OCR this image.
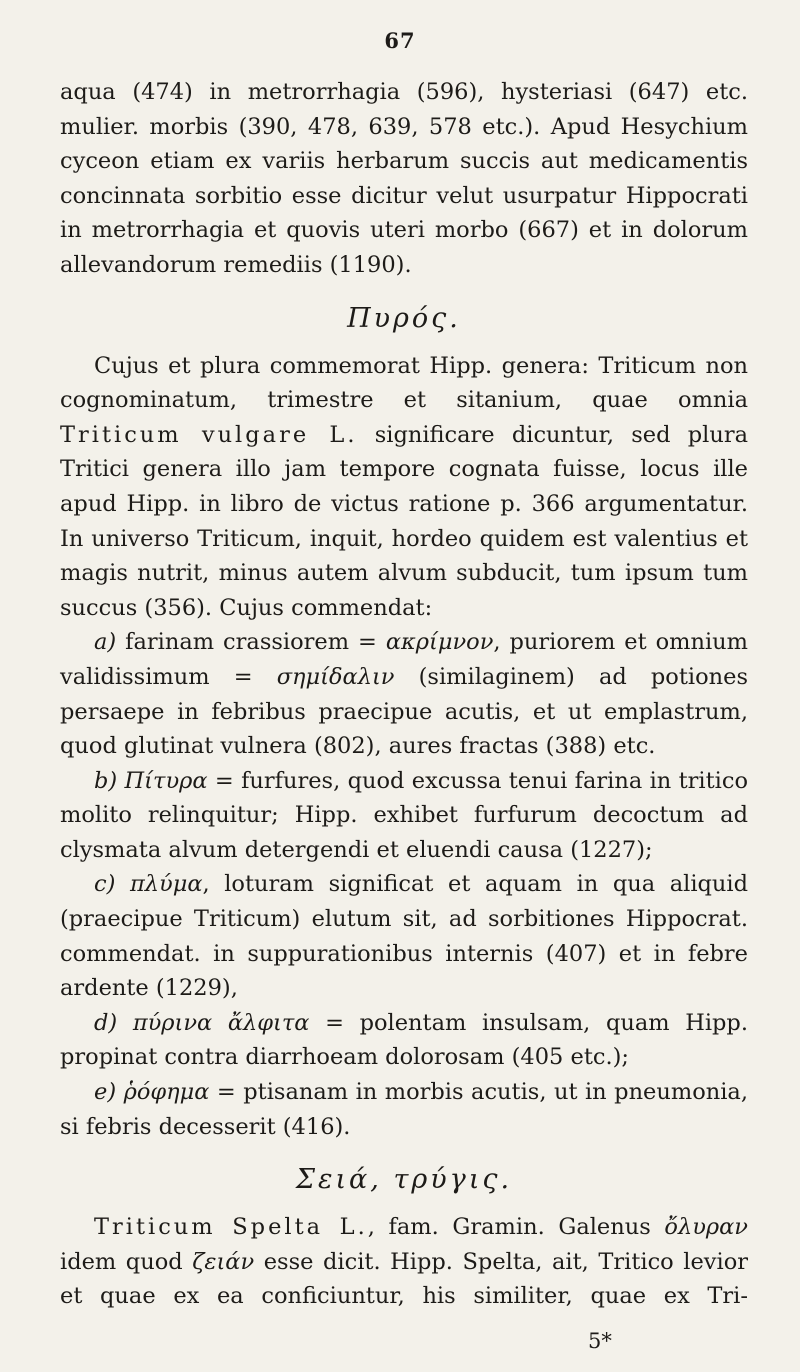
67

aqua (474) in metrorrhagia (596), hysteriasi (647) etc. mulier. morbis (390, 478, 639, 578 etc.). Apud Hesychium cyceon etiam ex variis herbarum succis aut medicamentis concinnata sorbitio esse dicitur velut usurpatur Hippocrati in metrorrhagia et quovis uteri morbo (667) et in dolorum allevandorum remediis (1190).

Πυρός.

Cujus et plura commemorat Hipp. genera: Triticum non cognominatum, trimestre et sitanium, quae omnia Triticum vulgare L. significare dicuntur, sed plura Tritici genera illo jam tempore cognata fuisse, locus ille apud Hipp. in libro de victus ratione p. 366 argumentatur. In universo Triticum, inquit, hordeo quidem est valentius et magis nutrit, minus autem alvum subducit, tum ipsum tum succus (356). Cujus commendat:

a) farinam crassiorem = ακρίμνον, puriorem et omnium validissimum = σημίδαλιν (similaginem) ad potiones persaepe in febribus praecipue acutis, et ut emplastrum, quod glutinat vulnera (802), aures fractas (388) etc.

b) Πίτυρα = furfures, quod excussa tenui farina in tritico molito relinquitur; Hipp. exhibet furfurum decoctum ad clysmata alvum detergendi et eluendi causa (1227);

c) πλύμα, loturam significat et aquam in qua aliquid (praecipue Triticum) elutum sit, ad sorbitiones Hippocrat. commendat. in suppurationibus internis (407) et in febre ardente (1229),

d) πύρινα ἄλφιτα = polentam insulsam, quam Hipp. propinat contra diarrhoeam dolorosam (405 etc.);

e) ῥόφημα = ptisanam in morbis acutis, ut in pneumonia, si febris decesserit (416).

Σειά, τρύγις.

Triticum Spelta L., fam. Gramin. Galenus ὄλυραν idem quod ζειάν esse dicit. Hipp. Spelta, ait, Tritico levior et quae ex ea conficiuntur, his similiter, quae ex Tri-

5*
